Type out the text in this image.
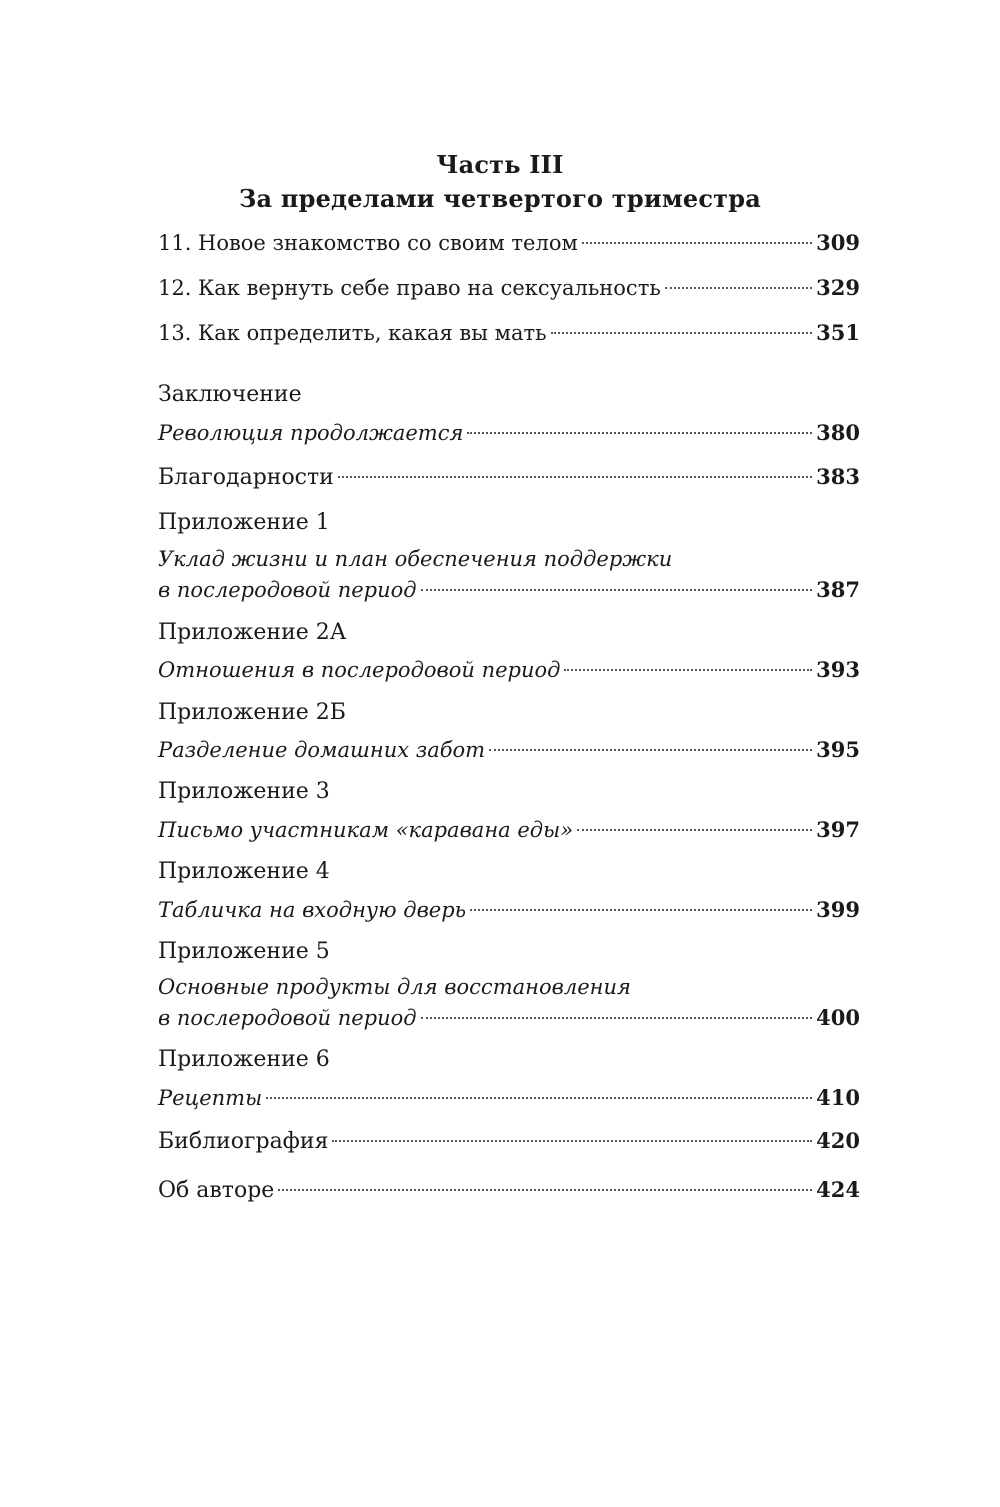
Часть III
За пределами четвертого триместра
11. Новое знакомство со своим телом	309
12. Как вернуть себе право на сексуальность	329
13. Как определить, какая вы мать	351
Заключение
Революция продолжается	380
Благодарности	383
Приложение 1
Уклад жизни и план обеспечения поддержки
в послеродовой период	387
Приложение 2А
Отношения в послеродовой период	393
Приложение 2Б
Разделение домашних забот	395
Приложение 3
Письмо участникам «каравана еды»	397
Приложение 4
Табличка на входную дверь	399
Приложение 5
Основные продукты для восстановления
в послеродовой период	400
Приложение 6
Рецепты	410
Библиография	420
Об авторе	424
